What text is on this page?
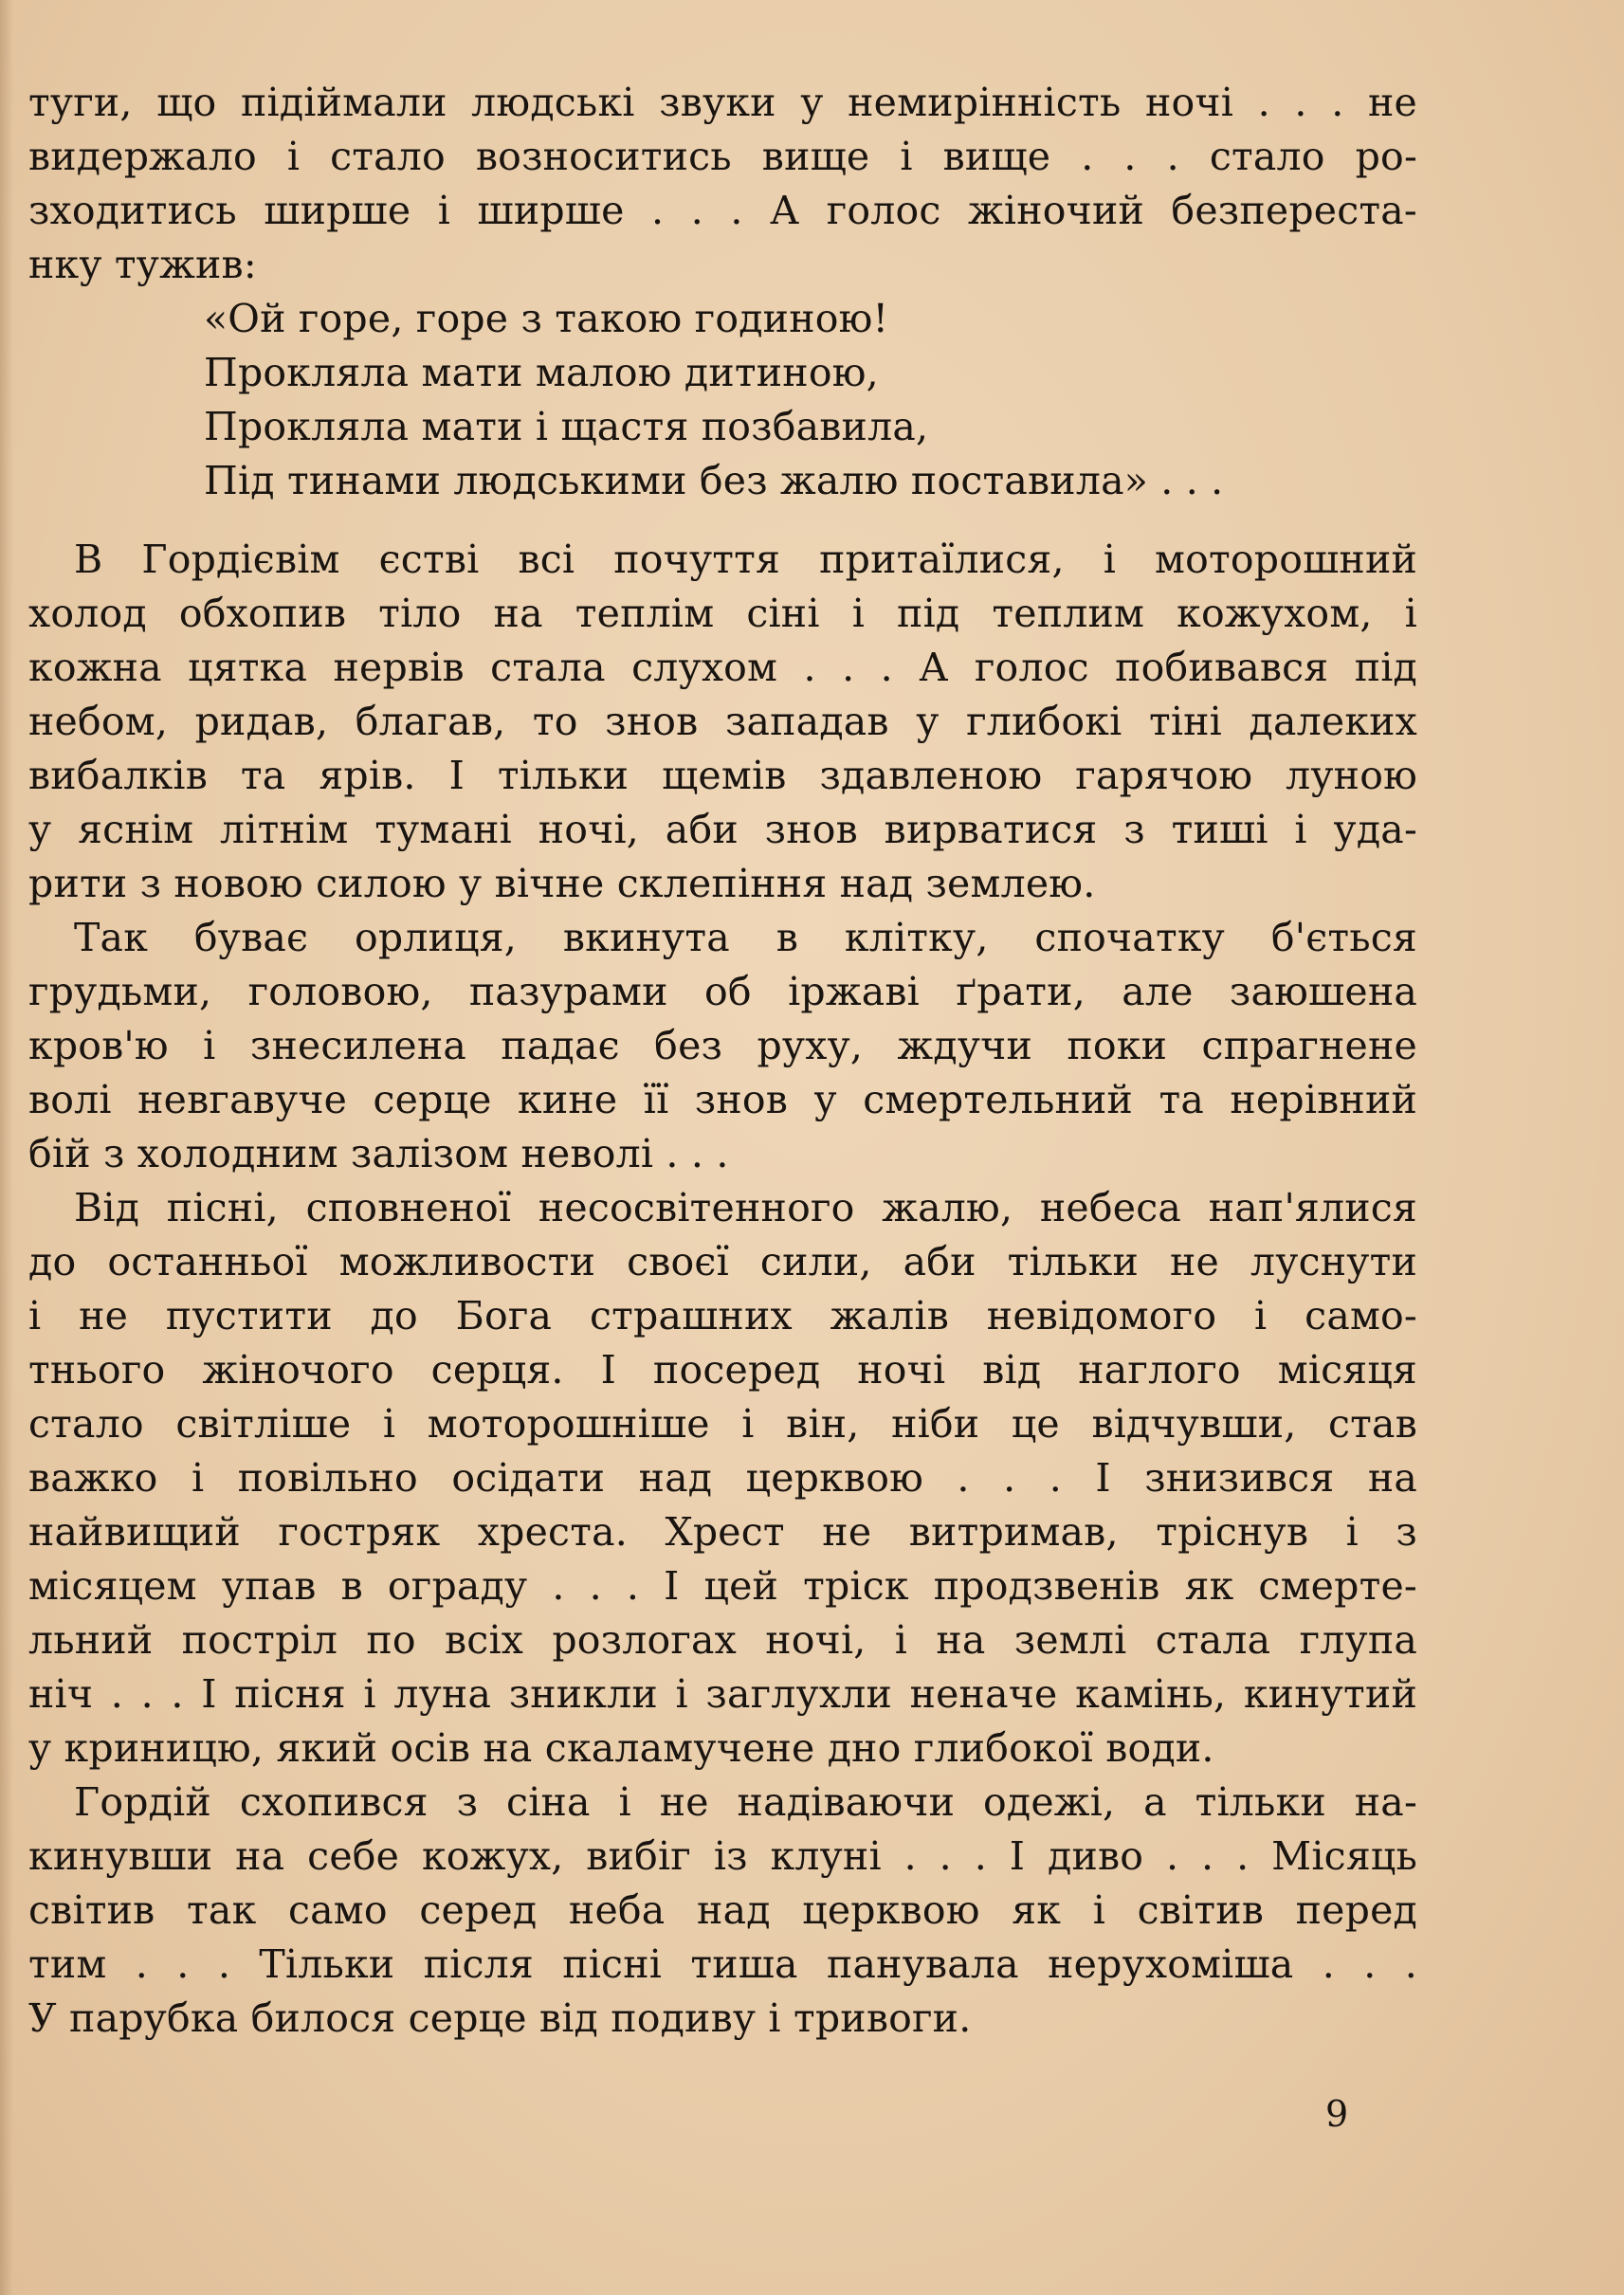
туги, що підіймали людські звуки у немирінність ночі . . . не
видержало і стало возноситись вище і вище . . . стало ро-
зходитись ширше і ширше . . . А голос жіночий безпереста-
нку тужив:
«Ой горе, горе з такою годиною!
Прокляла мати малою дитиною,
Прокляла мати і щастя позбавила,
Під тинами людськими без жалю поставила» . . .
В Гордієвім єстві всі почуття притаїлися, і моторошний
холод обхопив тіло на теплім сіні і під теплим кожухом, і
кожна цятка нервів стала слухом . . . А голос побивався під
небом, ридав, благав, то знов западав у глибокі тіні далеких
вибалків та ярів. І тільки щемів здавленою гарячою луною
у яснім літнім тумані ночі, аби знов вирватися з тиші і уда-
рити з новою силою у вічне склепіння над землею.
Так буває орлиця, вкинута в клітку, спочатку б'ється
грудьми, головою, пазурами об іржаві ґрати, але заюшена
кров'ю і знесилена падає без руху, ждучи поки спрагнене
волі невгавуче серце кине її знов у смертельний та нерівний
бій з холодним залізом неволі . . .
Від пісні, сповненої несосвітенного жалю, небеса нап'ялися
до останньої можливости своєї сили, аби тільки не луснути
і не пустити до Бога страшних жалів невідомого і само-
тнього жіночого серця. І посеред ночі від наглого місяця
стало світліше і моторошніше і він, ніби це відчувши, став
важко і повільно осідати над церквою . . . І знизився на
найвищий гостряк хреста. Хрест не витримав, тріснув і з
місяцем упав в ограду . . . І цей тріск продзвенів як смерте-
льний постріл по всіх розлогах ночі, і на землі стала глупа
ніч . . . І пісня і луна зникли і заглухли неначе камінь, кинутий
у криницю, який осів на скаламучене дно глибокої води.
Гордій схопився з сіна і не надіваючи одежі, а тільки на-
кинувши на себе кожух, вибіг із клуні . . . І диво . . . Місяць
світив так само серед неба над церквою як і світив перед
тим . . . Тільки після пісні тиша панувала нерухоміша . . .
У парубка билося серце від подиву і тривоги.
9
